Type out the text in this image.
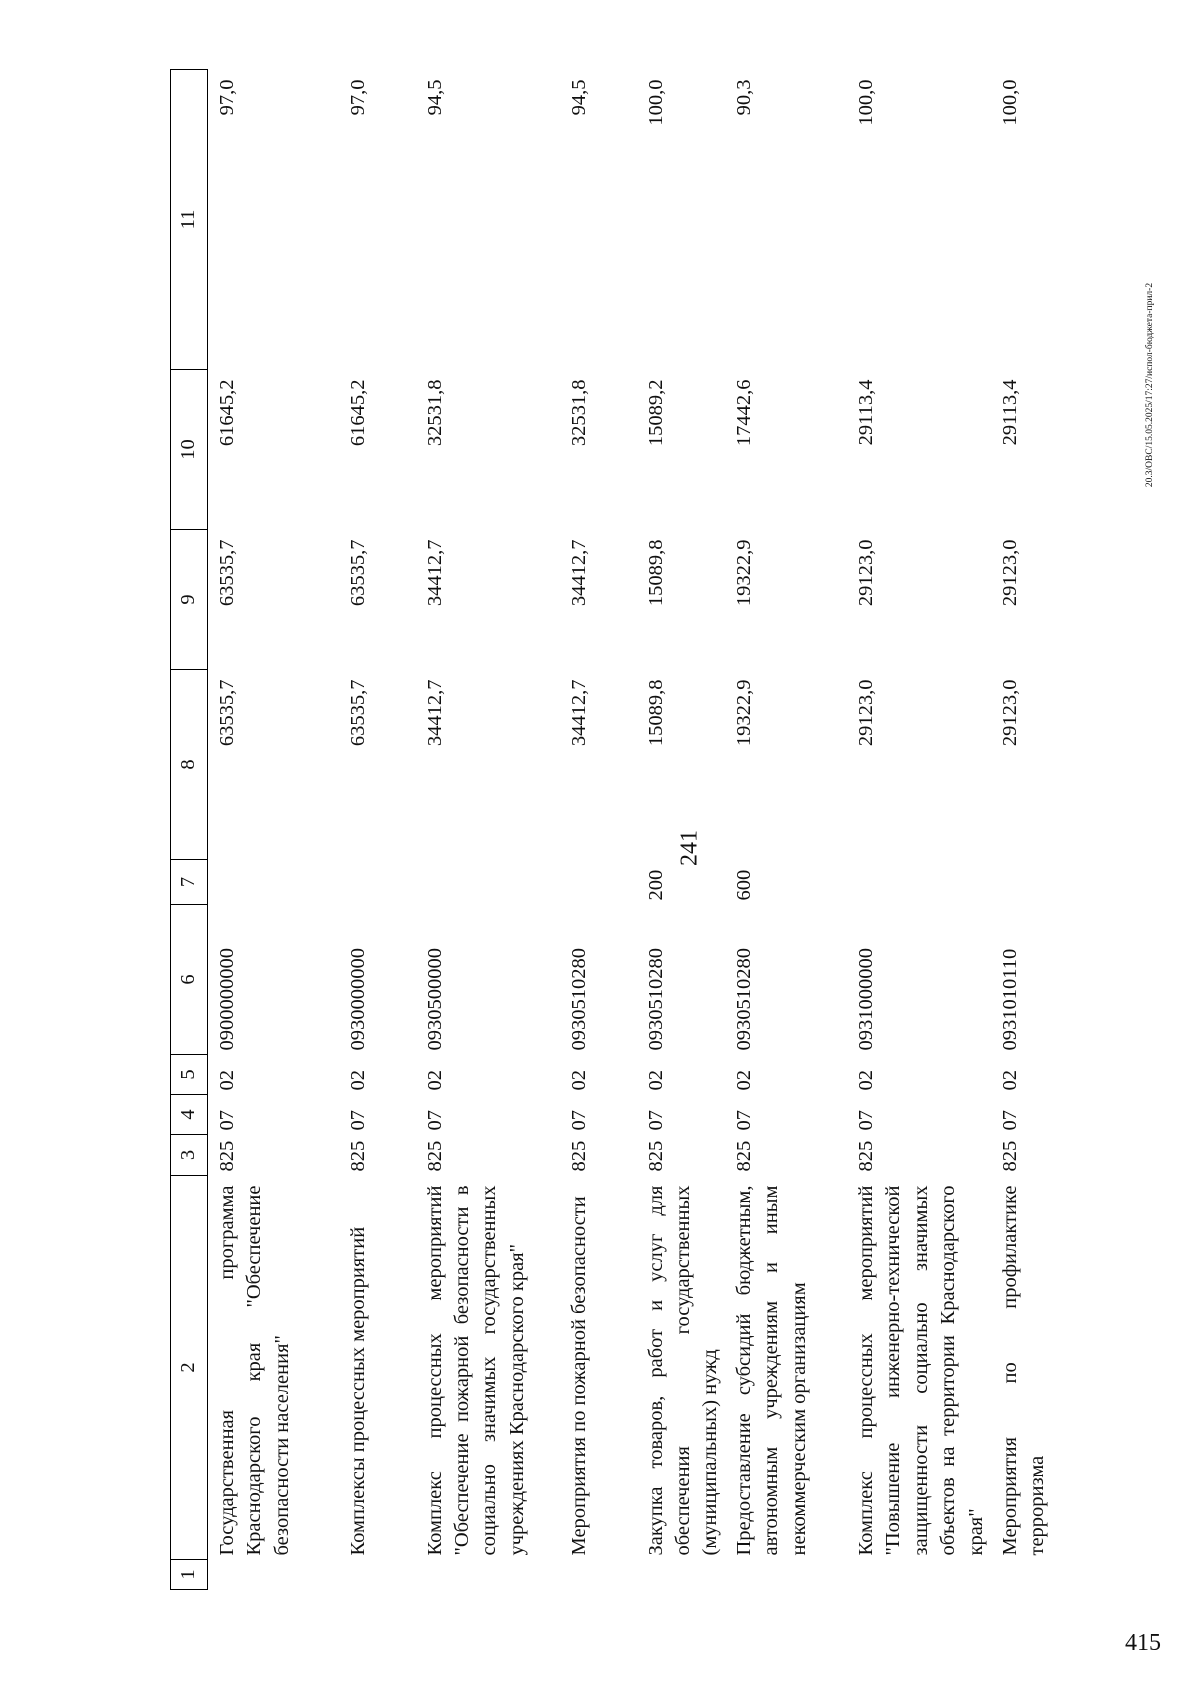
241
20.3/ОВС/15.05.2025/17:27/испол-бюджета-прил-2
415
1	2	3	4	5	6	7	8	9	10	11
	Государственная программа Краснодарского края "Обеспечение безопасности населения"	825	07	02	0900000000		63535,7	63535,7	61645,2	97,0
	Комплексы процессных мероприятий	825	07	02	0930000000		63535,7	63535,7	61645,2	97,0
	Комплекс процессных мероприятий "Обеспечение пожарной безопасности в социально значимых государственных учреждениях Краснодарского края"	825	07	02	0930500000		34412,7	34412,7	32531,8	94,5
	Мероприятия по пожарной безопасности	825	07	02	0930510280		34412,7	34412,7	32531,8	94,5
	Закупка товаров, работ и услуг для обеспечения государственных (муниципальных) нужд	825	07	02	0930510280	200	15089,8	15089,8	15089,2	100,0
	Предоставление субсидий бюджетным, автономным учреждениям и иным некоммерческим организациям	825	07	02	0930510280	600	19322,9	19322,9	17442,6	90,3
	Комплекс процессных мероприятий "Повышение инженерно-технической защищенности социально значимых объектов на территории Краснодарского края"	825	07	02	0931000000		29123,0	29123,0	29113,4	100,0
	Мероприятия по профилактике терроризма	825	07	02	0931010110		29123,0	29123,0	29113,4	100,0
